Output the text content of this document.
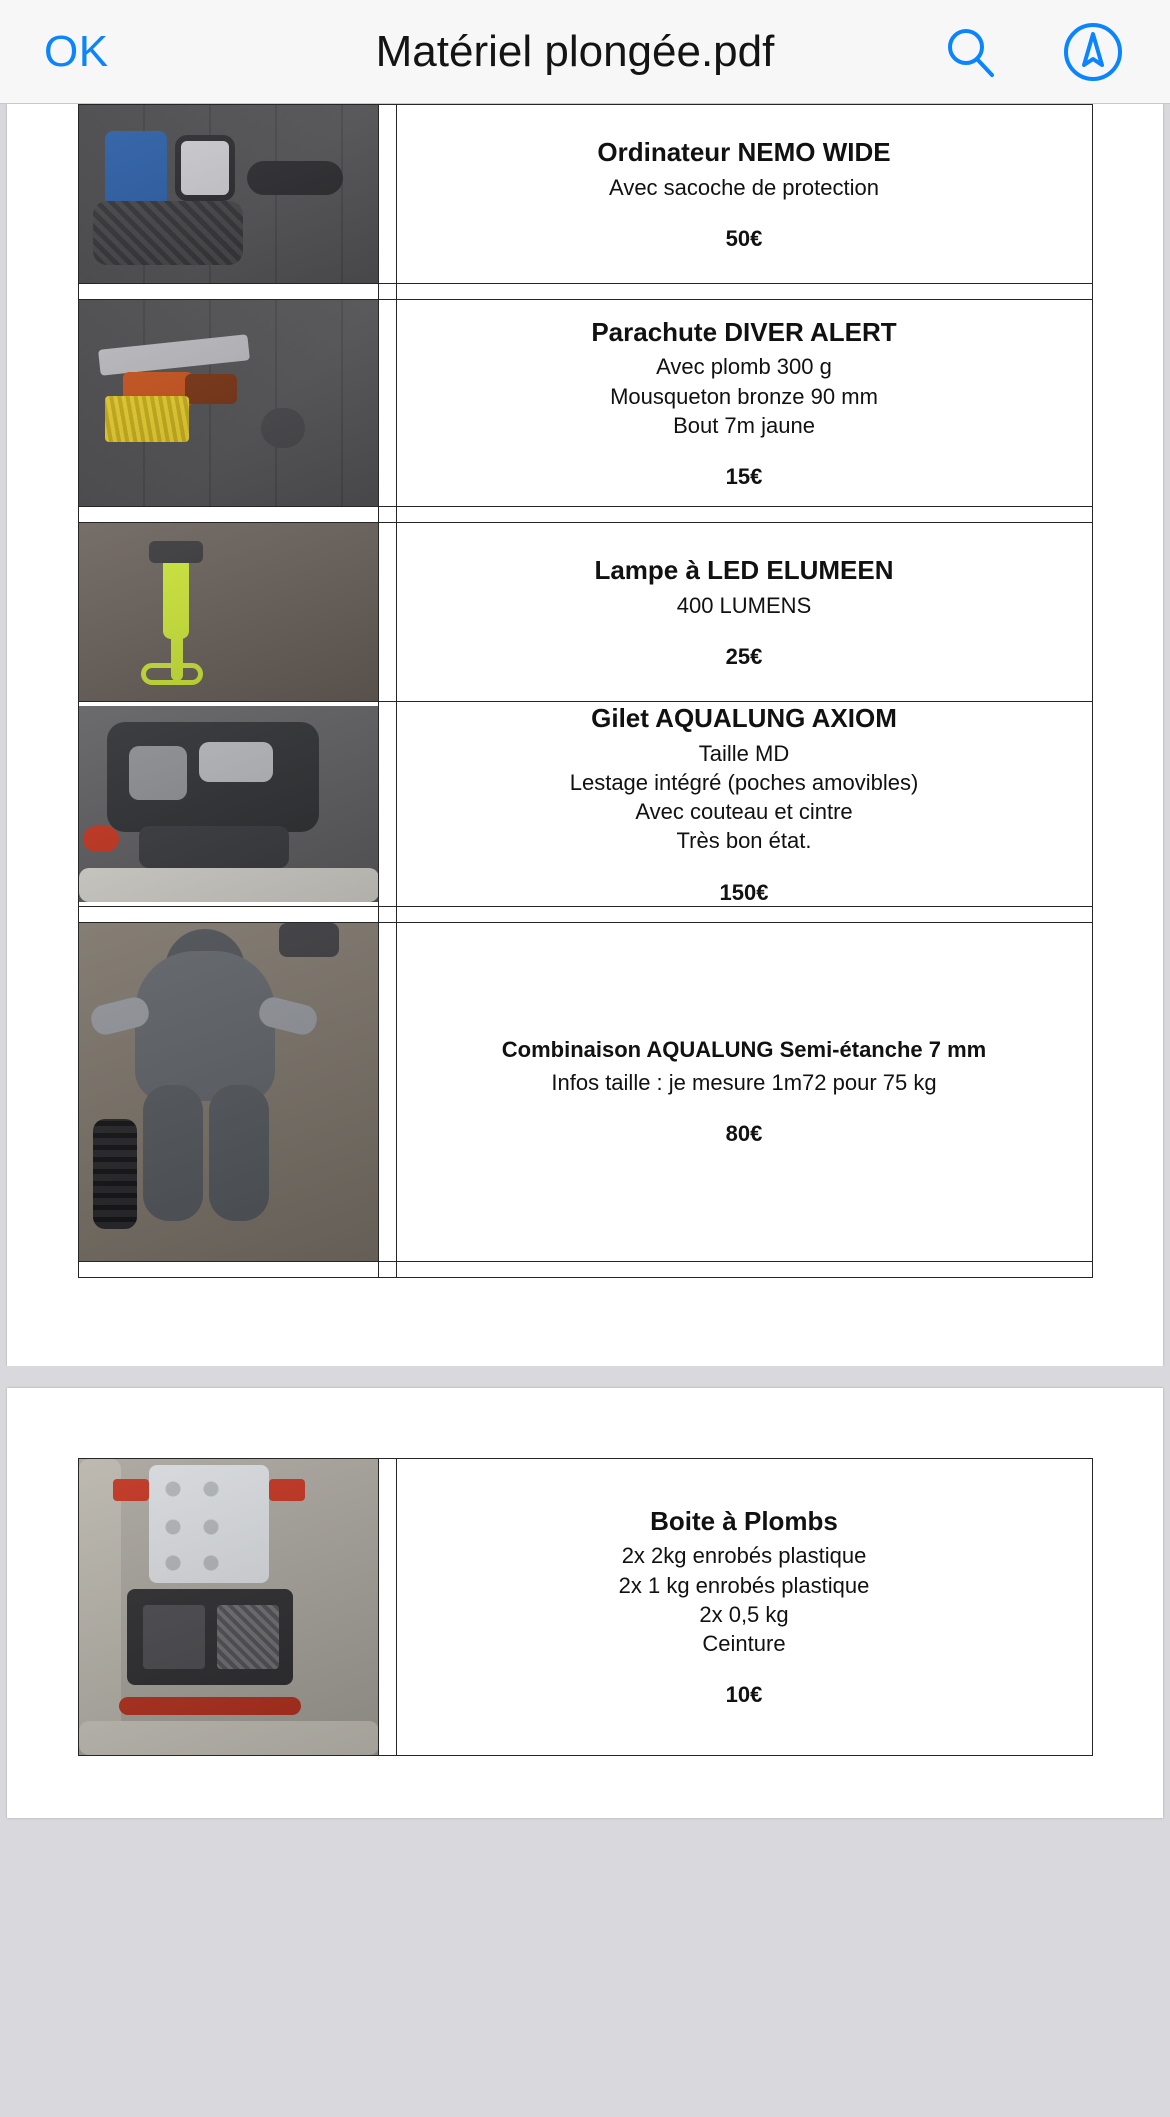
OK	Matériel plongée.pdf

		Ordinateur NEMO WIDE
Avec sacoche de protection
50€

		Parachute DIVER ALERT
Avec plomb 300 g
Mousqueton bronze 90 mm
Bout 7m jaune
15€

		Lampe à LED ELUMEEN
400 LUMENS
25€

Gilet AQUALUNG AXIOM
Taille MD
Lestage intégré (poches amovibles)
Avec couteau et cintre
Très bon état.
150€

		Combinaison AQUALUNG Semi-étanche 7 mm
Infos taille : je mesure 1m72 pour 75 kg
80€

Boite à Plombs
2x 2kg enrobés plastique
2x 1 kg enrobés plastique
2x 0,5 kg
Ceinture
10€
